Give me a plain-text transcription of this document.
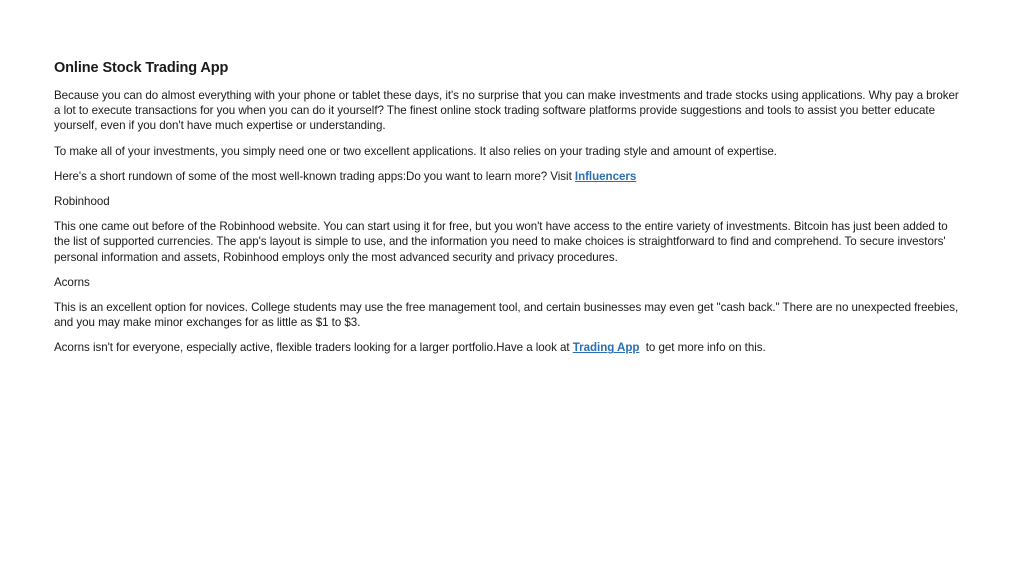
Online Stock Trading App
Because you can do almost everything with your phone or tablet these days, it's no surprise that you can make investments and trade stocks using applications. Why pay a broker a lot to execute transactions for you when you can do it yourself? The finest online stock trading software platforms provide suggestions and tools to assist you better educate yourself, even if you don't have much expertise or understanding.
To make all of your investments, you simply need one or two excellent applications. It also relies on your trading style and amount of expertise.
Here's a short rundown of some of the most well-known trading apps:Do you want to learn more? Visit Influencers
Robinhood
This one came out before of the Robinhood website. You can start using it for free, but you won't have access to the entire variety of investments. Bitcoin has just been added to the list of supported currencies. The app's layout is simple to use, and the information you need to make choices is straightforward to find and comprehend. To secure investors' personal information and assets, Robinhood employs only the most advanced security and privacy procedures.
Acorns
This is an excellent option for novices. College students may use the free management tool, and certain businesses may even get "cash back." There are no unexpected freebies, and you may make minor exchanges for as little as $1 to $3.
Acorns isn't for everyone, especially active, flexible traders looking for a larger portfolio.Have a look at Trading App  to get more info on this.
